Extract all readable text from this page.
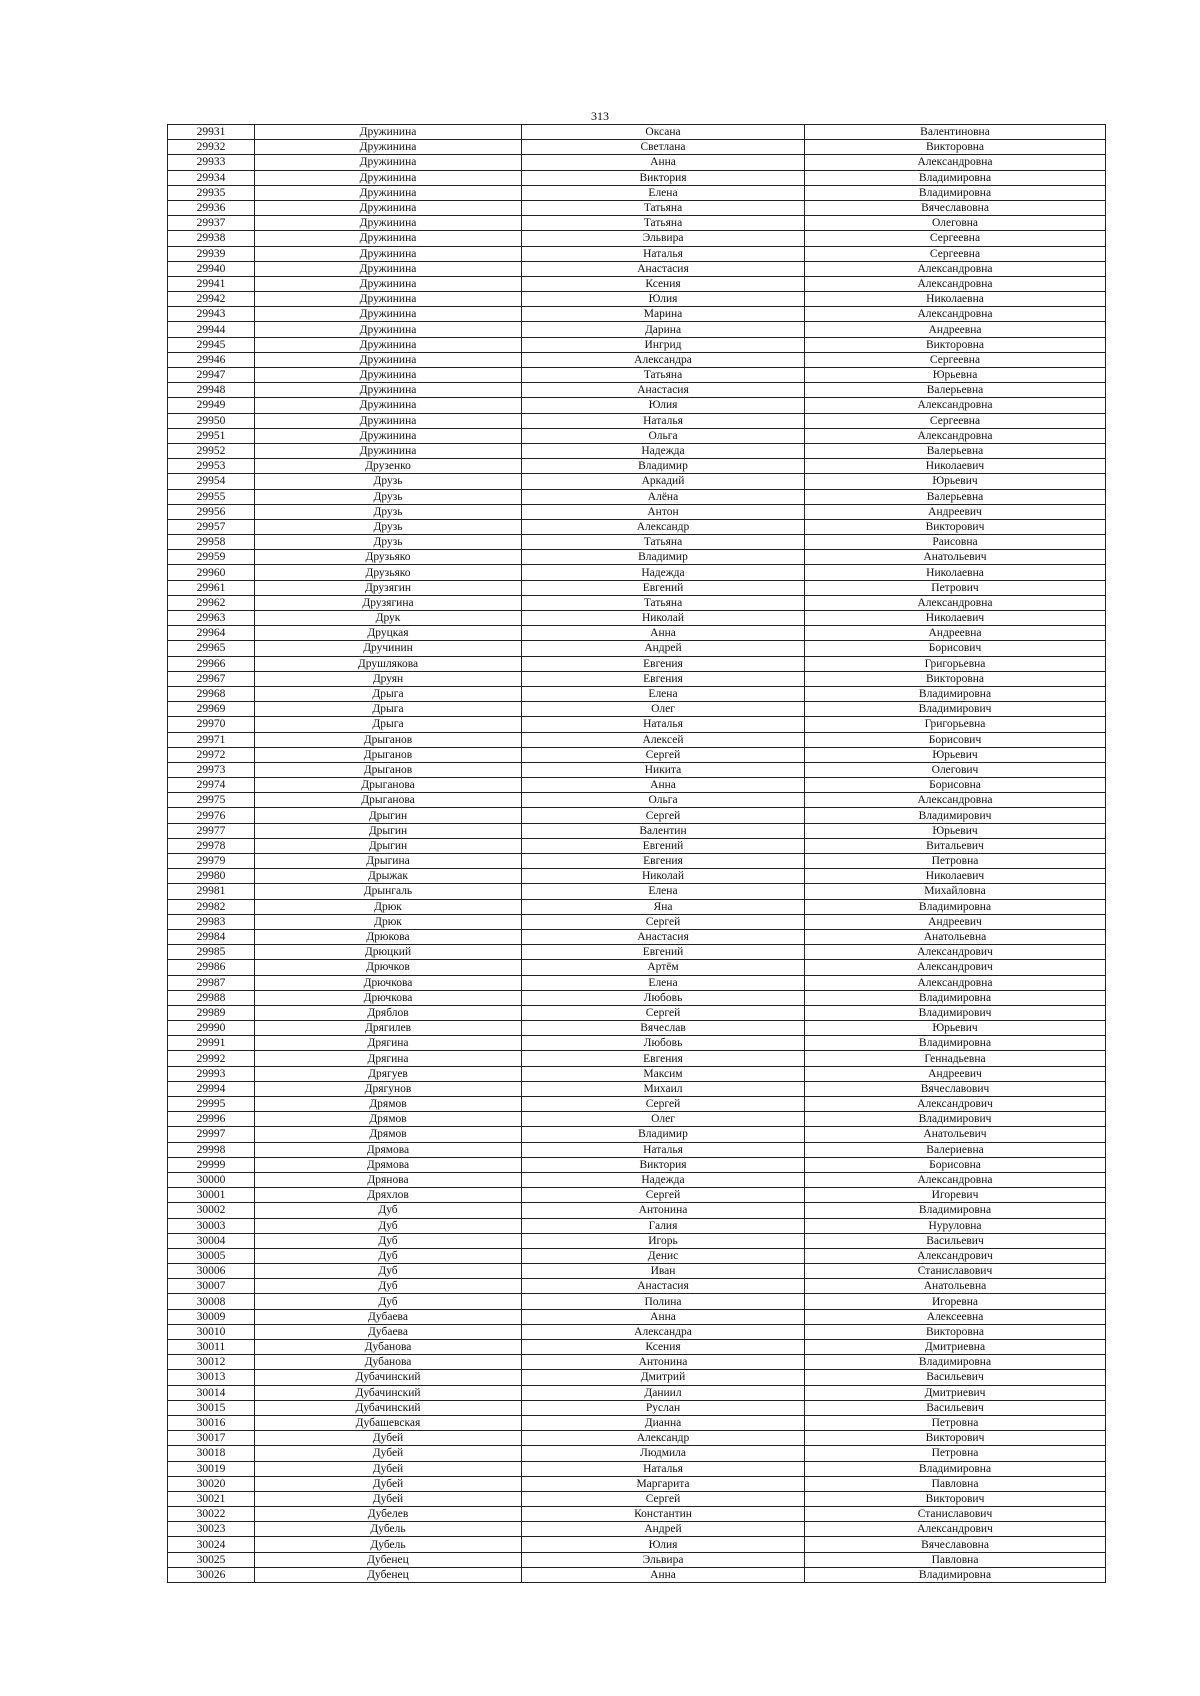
313
29931	Дружинина	Оксана	Валентиновна
29932	Дружинина	Светлана	Викторовна
29933	Дружинина	Анна	Александровна
29934	Дружинина	Виктория	Владимировна
29935	Дружинина	Елена	Владимировна
29936	Дружинина	Татьяна	Вячеславовна
29937	Дружинина	Татьяна	Олеговна
29938	Дружинина	Эльвира	Сергеевна
29939	Дружинина	Наталья	Сергеевна
29940	Дружинина	Анастасия	Александровна
29941	Дружинина	Ксения	Александровна
29942	Дружинина	Юлия	Николаевна
29943	Дружинина	Марина	Александровна
29944	Дружинина	Дарина	Андреевна
29945	Дружинина	Ингрид	Викторовна
29946	Дружинина	Александра	Сергеевна
29947	Дружинина	Татьяна	Юрьевна
29948	Дружинина	Анастасия	Валерьевна
29949	Дружинина	Юлия	Александровна
29950	Дружинина	Наталья	Сергеевна
29951	Дружинина	Ольга	Александровна
29952	Дружинина	Надежда	Валерьевна
29953	Друзенко	Владимир	Николаевич
29954	Друзь	Аркадий	Юрьевич
29955	Друзь	Алёна	Валерьевна
29956	Друзь	Антон	Андреевич
29957	Друзь	Александр	Викторович
29958	Друзь	Татьяна	Раисовна
29959	Друзьяко	Владимир	Анатольевич
29960	Друзьяко	Надежда	Николаевна
29961	Друзягин	Евгений	Петрович
29962	Друзягина	Татьяна	Александровна
29963	Друк	Николай	Николаевич
29964	Друцкая	Анна	Андреевна
29965	Дручинин	Андрей	Борисович
29966	Друшлякова	Евгения	Григорьевна
29967	Друян	Евгения	Викторовна
29968	Дрыга	Елена	Владимировна
29969	Дрыга	Олег	Владимирович
29970	Дрыга	Наталья	Григорьевна
29971	Дрыганов	Алексей	Борисович
29972	Дрыганов	Сергей	Юрьевич
29973	Дрыганов	Никита	Олегович
29974	Дрыганова	Анна	Борисовна
29975	Дрыганова	Ольга	Александровна
29976	Дрыгин	Сергей	Владимирович
29977	Дрыгин	Валентин	Юрьевич
29978	Дрыгин	Евгений	Витальевич
29979	Дрыгина	Евгения	Петровна
29980	Дрыжак	Николай	Николаевич
29981	Дрынгаль	Елена	Михайловна
29982	Дрюк	Яна	Владимировна
29983	Дрюк	Сергей	Андреевич
29984	Дрюкова	Анастасия	Анатольевна
29985	Дрюцкий	Евгений	Александрович
29986	Дрючков	Артём	Александрович
29987	Дрючкова	Елена	Александровна
29988	Дрючкова	Любовь	Владимировна
29989	Дряблов	Сергей	Владимирович
29990	Дрягилев	Вячеслав	Юрьевич
29991	Дрягина	Любовь	Владимировна
29992	Дрягина	Евгения	Геннадьевна
29993	Дрягуев	Максим	Андреевич
29994	Дрягунов	Михаил	Вячеславович
29995	Дрямов	Сергей	Александрович
29996	Дрямов	Олег	Владимирович
29997	Дрямов	Владимир	Анатольевич
29998	Дрямова	Наталья	Валериевна
29999	Дрямова	Виктория	Борисовна
30000	Дрянова	Надежда	Александровна
30001	Дряхлов	Сергей	Игоревич
30002	Дуб	Антонина	Владимировна
30003	Дуб	Галия	Нуруловна
30004	Дуб	Игорь	Васильевич
30005	Дуб	Денис	Александрович
30006	Дуб	Иван	Станиславович
30007	Дуб	Анастасия	Анатольевна
30008	Дуб	Полина	Игоревна
30009	Дубаева	Анна	Алексеевна
30010	Дубаева	Александра	Викторовна
30011	Дубанова	Ксения	Дмитриевна
30012	Дубанова	Антонина	Владимировна
30013	Дубачинский	Дмитрий	Васильевич
30014	Дубачинский	Даниил	Дмитриевич
30015	Дубачинский	Руслан	Васильевич
30016	Дубашевская	Дианна	Петровна
30017	Дубей	Александр	Викторович
30018	Дубей	Людмила	Петровна
30019	Дубей	Наталья	Владимировна
30020	Дубей	Маргарита	Павловна
30021	Дубей	Сергей	Викторович
30022	Дубелев	Константин	Станиславович
30023	Дубель	Андрей	Александрович
30024	Дубель	Юлия	Вячеславовна
30025	Дубенец	Эльвира	Павловна
30026	Дубенец	Анна	Владимировна
